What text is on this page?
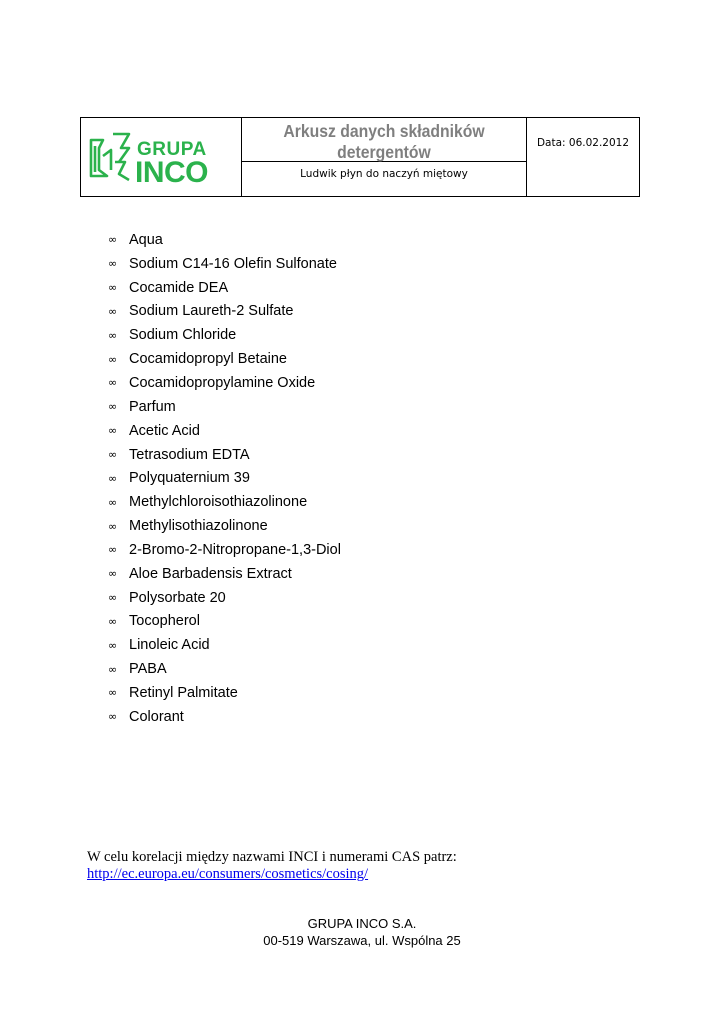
GRUPA
INCO
Arkusz danych składników detergentów
Ludwik płyn do naczyń miętowy
Data: 06.02.2012
∞ Aqua
∞ Sodium C14-16 Olefin Sulfonate
∞ Cocamide DEA
∞ Sodium Laureth-2 Sulfate
∞ Sodium Chloride
∞ Cocamidopropyl Betaine
∞ Cocamidopropylamine Oxide
∞ Parfum
∞ Acetic Acid
∞ Tetrasodium EDTA
∞ Polyquaternium 39
∞ Methylchloroisothiazolinone
∞ Methylisothiazolinone
∞ 2-Bromo-2-Nitropropane-1,3-Diol
∞ Aloe Barbadensis Extract
∞ Polysorbate 20
∞ Tocopherol
∞ Linoleic Acid
∞ PABA
∞ Retinyl Palmitate
∞ Colorant
W celu korelacji między nazwami INCI i numerami CAS patrz:
http://ec.europa.eu/consumers/cosmetics/cosing/
GRUPA INCO S.A.
00-519 Warszawa, ul. Wspólna 25
